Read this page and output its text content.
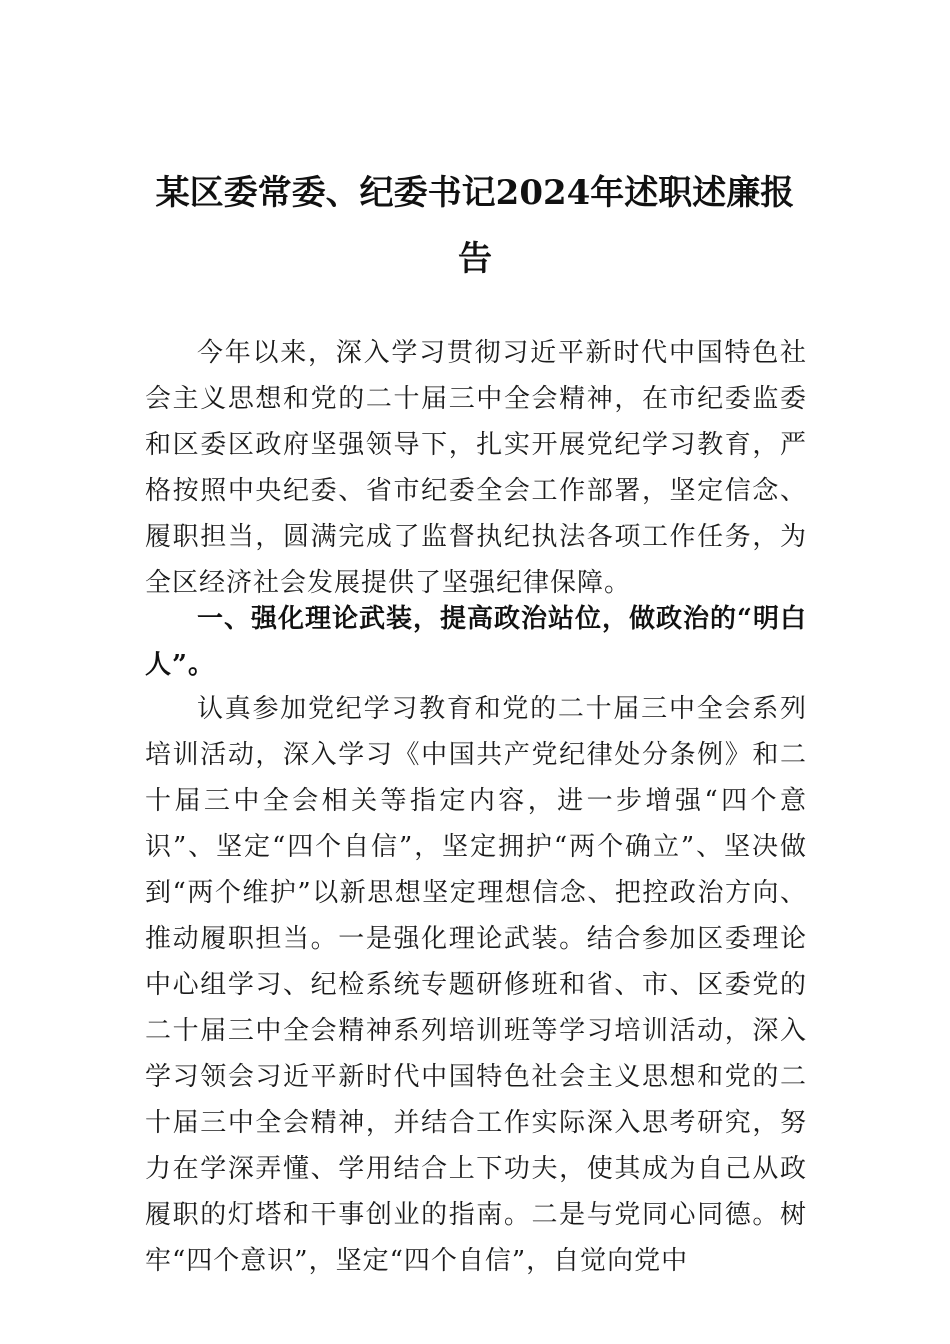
某区委常委、纪委书记2024年述职述廉报告

今年以来，深入学习贯彻习近平新时代中国特色社会主义思想和党的二十届三中全会精神，在市纪委监委和区委区政府坚强领导下，扎实开展党纪学习教育，严格按照中央纪委、省市纪委全会工作部署，坚定信念、履职担当，圆满完成了监督执纪执法各项工作任务，为全区经济社会发展提供了坚强纪律保障。

一、强化理论武装，提高政治站位，做政治的“明白人”。

认真参加党纪学习教育和党的二十届三中全会系列培训活动，深入学习《中国共产党纪律处分条例》和二十届三中全会相关等指定内容，进一步增强“四个意识”、坚定“四个自信”，坚定拥护“两个确立”、坚决做到“两个维护”以新思想坚定理想信念、把控政治方向、推动履职担当。一是强化理论武装。结合参加区委理论中心组学习、纪检系统专题研修班和省、市、区委党的二十届三中全会精神系列培训班等学习培训活动，深入学习领会习近平新时代中国特色社会主义思想和党的二十届三中全会精神，并结合工作实际深入思考研究，努力在学深弄懂、学用结合上下功夫，使其成为自己从政履职的灯塔和干事创业的指南。二是与党同心同德。树牢“四个意识”，坚定“四个自信”，自觉向党中
